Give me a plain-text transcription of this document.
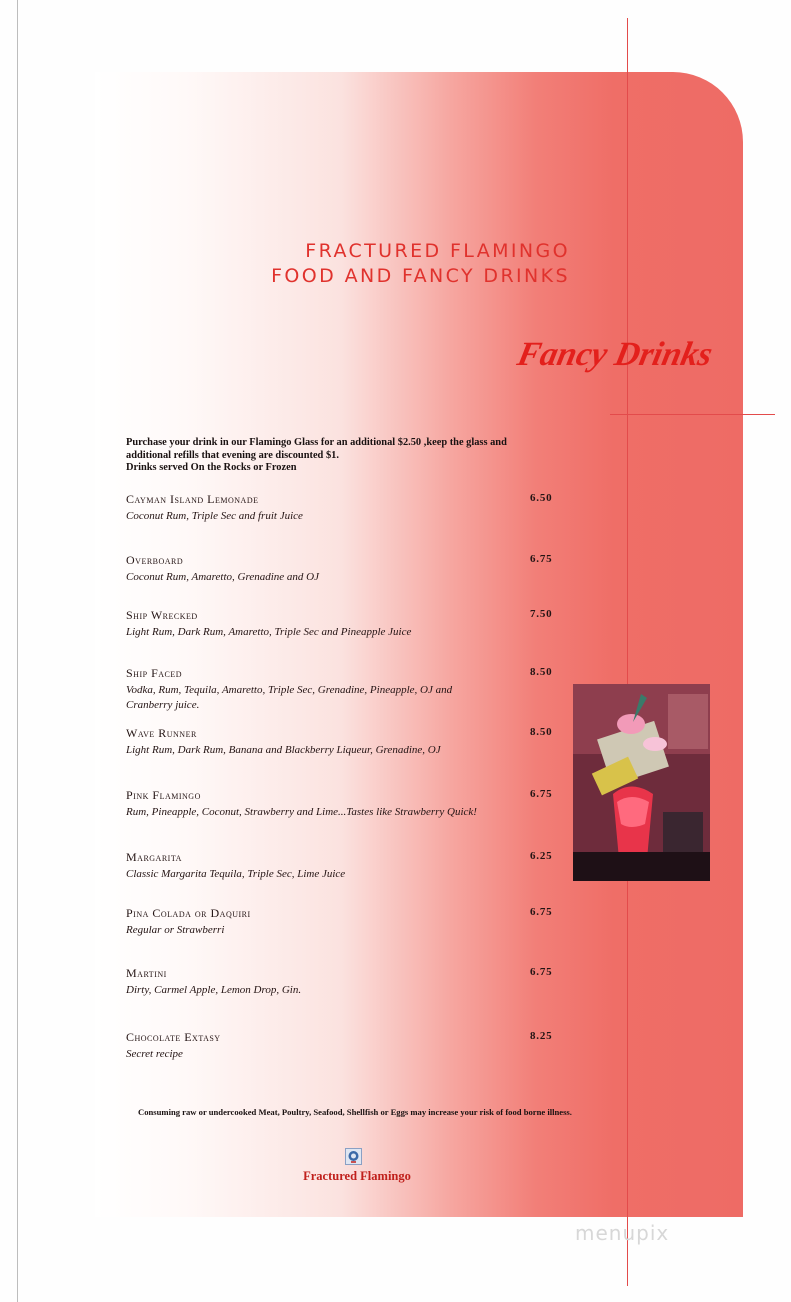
FRACTURED FLAMINGO
FOOD AND FANCY DRINKS
Fancy Drinks
Purchase your drink in our Flamingo Glass for an additional $2.50 ,keep the glass and
additional refills that evening are discounted $1.
Drinks served On the Rocks or Frozen
Cayman Island Lemonade
Coconut Rum, Triple Sec and fruit Juice
6.50
Overboard
Coconut Rum, Amaretto, Grenadine and OJ
6.75
Ship Wrecked
Light Rum, Dark Rum, Amaretto, Triple Sec and Pineapple Juice
7.50
Ship Faced
Vodka, Rum, Tequila, Amaretto, Triple Sec, Grenadine, Pineapple, OJ and Cranberry juice.
8.50
Wave Runner
Light Rum, Dark Rum, Banana and Blackberry Liqueur, Grenadine, OJ
8.50
Pink Flamingo
Rum, Pineapple, Coconut, Strawberry and Lime...Tastes like Strawberry Quick!
6.75
Margarita
Classic Margarita Tequila, Triple Sec, Lime Juice
6.25
Pina Colada or Daquiri
Regular or Strawberri
6.75
Martini
Dirty, Carmel Apple, Lemon Drop, Gin.
6.75
Chocolate Extasy
Secret recipe
8.25
Consuming raw or undercooked Meat, Poultry, Seafood, Shellfish or Eggs may increase your risk of food borne illness.
Fractured Flamingo
menupix
